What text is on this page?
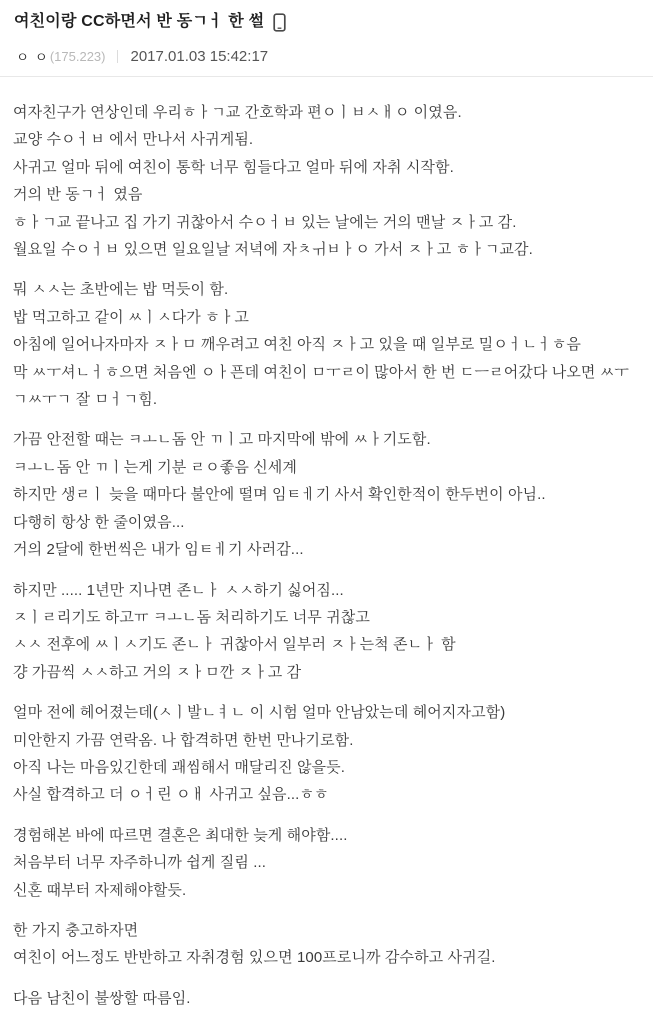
여친이랑 CC하면서 반 동ㄱㅓ 한 썰
ㅇ ㅇ (175.223) 2017.01.03 15:42:17

여자친구가 연상인데 우리ㅎㅏㄱ교 간호학과 편ㅇㅣㅂㅅㅐㅇ 이였음.
교양 수ㅇㅓㅂ 에서 만나서 사귀게됨.
사귀고 얼마 뒤에 여친이 통학 너무 힘들다고 얼마 뒤에 자취 시작함.
거의 반 동ㄱㅓ 였음
ㅎㅏㄱ교 끝나고 집 가기 귀찮아서 수ㅇㅓㅂ 있는 날에는 거의 맨날 ㅈㅏ고 감.
월요일 수ㅇㅓㅂ 있으면 일요일날 저녁에 자ㅊㅟㅂㅏㅇ 가서 ㅈㅏ고 ㅎㅏㄱ교감.

뭐 ㅅㅅ는 초반에는 밥 먹듯이 함.
밥 먹고하고 같이 ㅆㅣㅅ다가 ㅎㅏ고
아침에 일어나자마자 ㅈㅏㅁ 깨우려고 여친 아직 ㅈㅏ고 있을 때 일부로 밀ㅇㅓㄴㅓㅎ음
막 ㅆㅜ셔ㄴㅓㅎ으면 처음엔 ㅇㅏ픈데 여친이 ㅁㅜㄹ이 많아서 한 번 ㄷㅡㄹ어갔다 나오면 ㅆㅜㄱㅆㅜㄱ 잘 ㅁㅓㄱ힘.

가끔 안전할 때는 ㅋㅗㄴ돔 안 ㄲㅣ고 마지막에 밖에 ㅆㅏ기도함.
ㅋㅗㄴ돔 안 ㄲㅣ는게 기분 ㄹㅇ좋음 신세계
하지만 생ㄹㅣ 늦을 때마다 불안에 떨며 임ㅌㅔ기 사서 확인한적이 한두번이 아님..
다행히 항상 한 줄이였음...
거의 2달에 한번씩은 내가 임ㅌㅔ기 사러감...

하지만 ..... 1년만 지나면 존ㄴㅏ ㅅㅅ하기 싫어짐...
ㅈㅣㄹ리기도 하고ㅠ ㅋㅗㄴ돔 처리하기도 너무 귀찮고
ㅅㅅ 전후에 ㅆㅣㅅ기도 존ㄴㅏ 귀찮아서 일부러 ㅈㅏ는척 존ㄴㅏ 함
걍 가끔씩 ㅅㅅ하고 거의 ㅈㅏㅁ깐 ㅈㅏ고 감

얼마 전에 헤어졌는데(ㅅㅣ발ㄴㅕㄴ 이 시험 얼마 안남았는데 헤어지자고함)
미안한지 가끔 연락옴. 나 합격하면 한번 만나기로함.
아직 나는 마음있긴한데 괘씸해서 매달리진 않을듯.
사실 합격하고 더 ㅇㅓ린 ㅇㅐ 사귀고 싶음...ㅎㅎ

경험해본 바에 따르면 결혼은 최대한 늦게 해야함....
처음부터 너무 자주하니까 쉽게 질림 ...
신혼 때부터 자제해야할듯.

한 가지 충고하자면
여친이 어느정도 반반하고 자취경험 있으면 100프로니까 감수하고 사귀길.

다음 남친이 불쌍할 따름임.
